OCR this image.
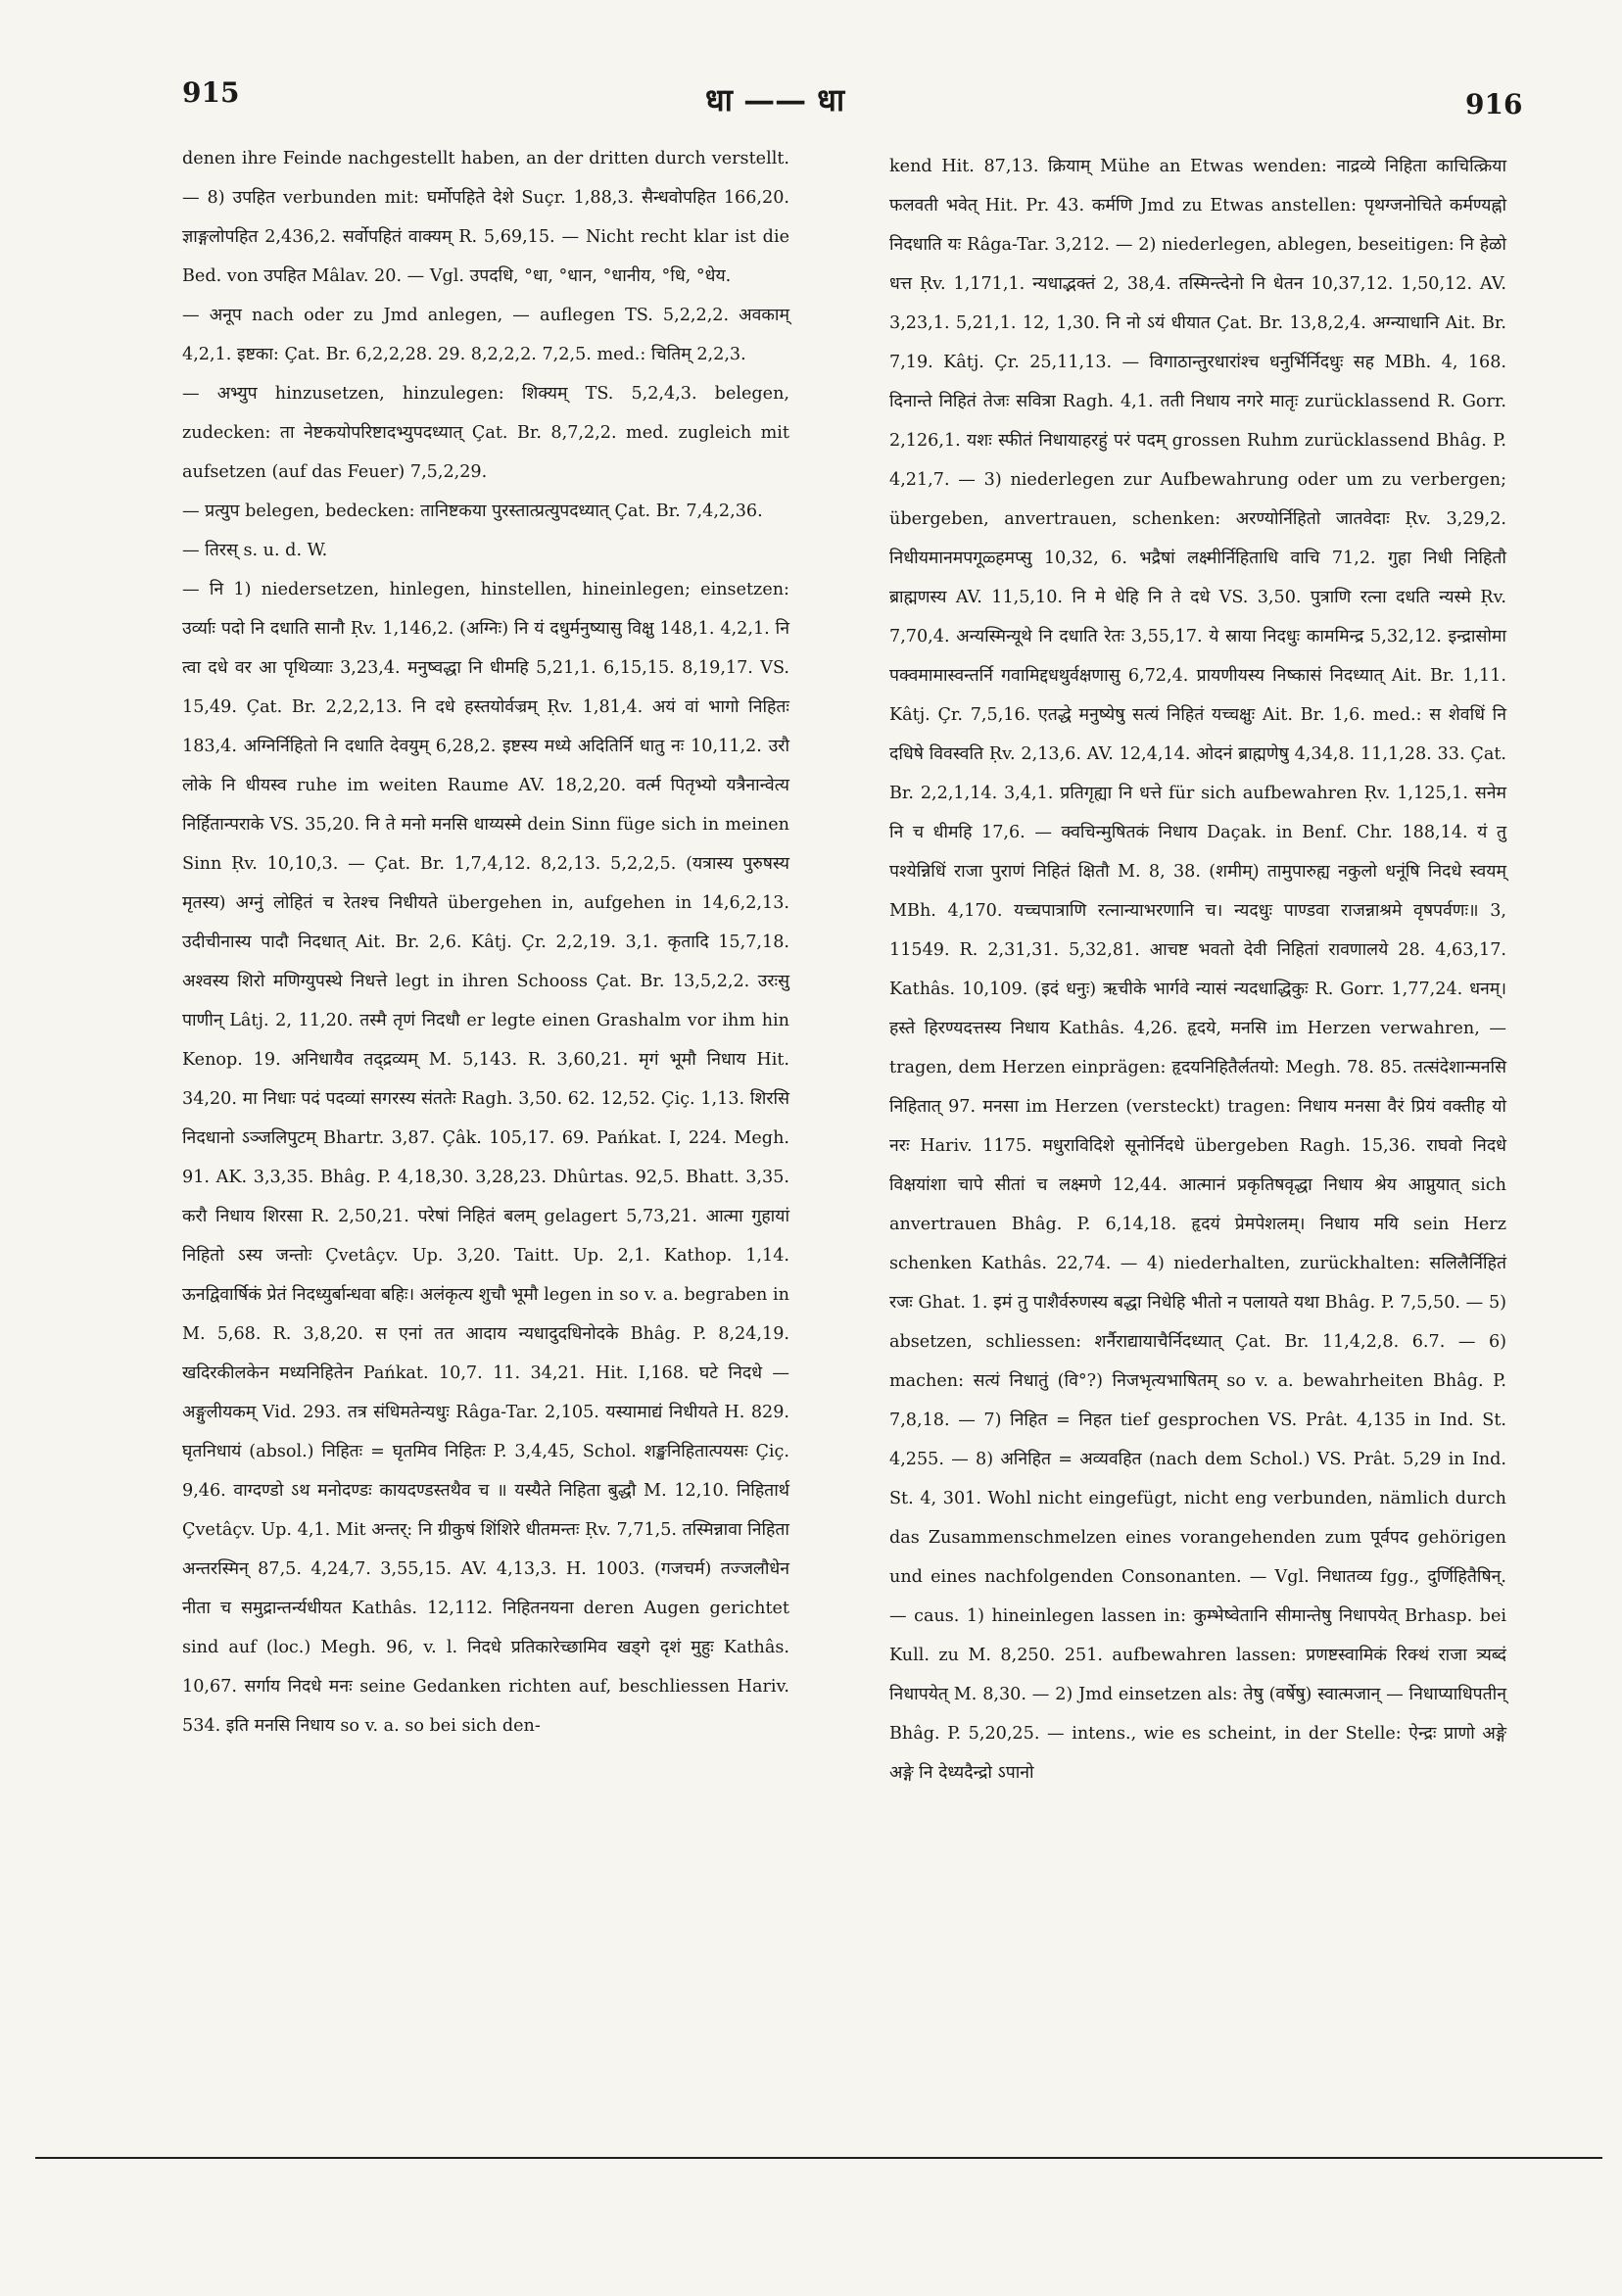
915	धा —— धा	916

denen ihre Feinde nachgestellt haben, an der dritten durch verstellt. — 8) उपहित verbunden mit: घर्मोपहिते देशे Suçr. 1,88,3. सैन्धवोपहित 166,20. ज्ञाङ्गलोपहित 2,436,2. सर्वोपहितं वाक्यम् R. 5,69,15. — Nicht recht klar ist die Bed. von उपहित Mâlav. 20. — Vgl. उपदधि, °धा, °धान, °धानीय, °धि, °धेय.

— अनूप nach oder zu Jmd anlegen, — auflegen TS. 5,2,2,2. अवकाम् 4,2,1. इष्टका: Çat. Br. 6,2,2,28. 29. 8,2,2,2. 7,2,5. med.: चितिम् 2,2,3.

— अभ्युप hinzusetzen, hinzulegen: शिक्यम् TS. 5,2,4,3. belegen, zudecken: ता नेष्टकयोपरिष्टादभ्युपदध्यात् Çat. Br. 8,7,2,2. med. zugleich mit aufsetzen (auf das Feuer) 7,5,2,29.

— प्रत्युप belegen, bedecken: तानिष्टकया पुरस्तात्प्रत्युपदध्यात् Çat. Br. 7,4,2,36.

— तिरस् s. u. d. W.

— नि 1) niedersetzen, hinlegen, hinstellen, hineinlegen; einsetzen: उर्व्याः पदो नि दधाति सानौ Ṛv. 1,146,2. (अग्निः) नि यं दधुर्मनुष्यासु विक्षु 148,1. 4,2,1. नि त्वा दधे वर आ पृथिव्याः 3,23,4. मनुष्वद्धा नि धीमहि 5,21,1. 6,15,15. 8,19,17. VS. 15,49. Çat. Br. 2,2,2,13. नि दधे हस्तयोर्वज्रम् Ṛv. 1,81,4. अयं वां भागो निहितः 183,4. अग्निर्निहितो नि दधाति देवयुम् 6,28,2. इष्टस्य मध्ये अदितिर्नि धातु नः 10,11,2. उरौ लोके नि धीयस्व ruhe im weiten Raume AV. 18,2,20. वर्त्म पितृभ्यो यत्रैनान्वेत्य निर्हितान्पराके VS. 35,20. नि ते मनो मनसि धाय्यस्मे dein Sinn füge sich in meinen Sinn Ṛv. 10,10,3. — Çat. Br. 1,7,4,12. 8,2,13. 5,2,2,5. (यत्रास्य पुरुषस्य मृतस्य) अग्नुं लोहितं च रेतश्च निधीयते übergehen in, aufgehen in 14,6,2,13. उदीचीनास्य पादौ निदधात् Ait. Br. 2,6. Kâtj. Çr. 2,2,19. 3,1. कृतादि 15,7,18. अश्वस्य शिरो मणिग्युपस्थे निधत्ते legt in ihren Schooss Çat. Br. 13,5,2,2. उरःसु पाणीन् Lâtj. 2, 11,20. तस्मै तृणं निदधौ er legte einen Grashalm vor ihm hin Kenop. 19. अनिधायैव तद्द्रव्यम् M. 5,143. R. 3,60,21. मृगं भूमौ निधाय Hit. 34,20. मा निधाः पदं पदव्यां सगरस्य संततेः Ragh. 3,50. 62. 12,52. Çiç. 1,13. शिरसि निदधानो ऽञ्जलिपुटम् Bhartr. 3,87. Çâk. 105,17. 69. Pańkat. I, 224. Megh. 91. AK. 3,3,35. Bhâg. P. 4,18,30. 3,28,23. Dhûrtas. 92,5. Bhatt. 3,35. करौ निधाय शिरसा R. 2,50,21. परेषां निहितं बलम् gelagert 5,73,21. आत्मा गुहायां निहितो ऽस्य जन्तोः Çvetâçv. Up. 3,20. Taitt. Up. 2,1. Kathop. 1,14. ऊनद्विवार्षिकं प्रेतं निदध्युर्बान्धवा बहिः। अलंकृत्य शुचौ भूमौ legen in so v. a. begraben in M. 5,68. R. 3,8,20. स एनां तत आदाय न्यधादुदधिनोदके Bhâg. P. 8,24,19. खदिरकीलकेन मध्यनिहितेन Pańkat. 10,7. 11. 34,21. Hit. I,168. घटे निदधे — अङ्गुलीयकम् Vid. 293. तत्र संधिमतेन्यधुः Râga-Tar. 2,105. यस्यामाद्यं निधीयते H. 829. घृतनिधायं (absol.) निहितः = घृतमिव निहितः P. 3,4,45, Schol. शङ्खनिहितात्पयसः Çiç. 9,46. वाग्दण्डो ऽथ मनोदण्डः कायदण्डस्तथैव च ॥ यस्यैते निहिता बुद्धौ M. 12,10. निहितार्थ Çvetâçv. Up. 4,1. Mit अन्तर्: नि ग्रीकुषं शिंशिरे धीतमन्तः Ṛv. 7,71,5. तस्मिन्नावा निहिता अन्तरस्मिन् 87,5. 4,24,7. 3,55,15. AV. 4,13,3. H. 1003. (गजचर्म) तज्जलौधेन नीता च समुद्रान्तर्न्यधीयत Kathâs. 12,112. निहितनयना deren Augen gerichtet sind auf (loc.) Megh. 96, v. l. निदधे प्रतिकारेच्छामिव खड्गे दृशं मुहुः Kathâs. 10,67. सर्गाय निदधे मनः seine Gedanken richten auf, beschliessen Hariv. 534. इति मनसि निधाय so v. a. so bei sich den-

kend Hit. 87,13. क्रियाम् Mühe an Etwas wenden: नाद्रव्ये निहिता काचित्क्रिया फलवती भवेत् Hit. Pr. 43. कर्मणि Jmd zu Etwas anstellen: पृथग्जनोचिते कर्मण्यह्नो निदधाति यः Râga-Tar. 3,212. — 2) niederlegen, ablegen, beseitigen: नि हेळो धत्त Ṛv. 1,171,1. न्यधाद्भक्तं 2, 38,4. तस्मिन्त्देनो नि धेतन 10,37,12. 1,50,12. AV. 3,23,1. 5,21,1. 12, 1,30. नि नो ऽयं धीयात Çat. Br. 13,8,2,4. अग्न्याधानि Ait. Br. 7,19. Kâtj. Çr. 25,11,13. — विगाठान्तुरधारांश्च धनुर्भिर्निदधुः सह MBh. 4, 168. दिनान्ते निहितं तेजः सवित्रा Ragh. 4,1. तती निधाय नगरे मातृः zurücklassend R. Gorr. 2,126,1. यशः स्फीतं निधायाहरहुं परं पदम् grossen Ruhm zurücklassend Bhâg. P. 4,21,7. — 3) niederlegen zur Aufbewahrung oder um zu verbergen; übergeben, anvertrauen, schenken: अरण्योर्निहितो जातवेदाः Ṛv. 3,29,2. निधीयमानमपगूळ्हमप्सु 10,32, 6. भद्रैषां लक्ष्मीर्निहिताधि वाचि 71,2. गुहा निधी निहितौ ब्राह्मणस्य AV. 11,5,10. नि मे धेहि नि ते दधे VS. 3,50. पुत्राणि रत्ना दधति न्यस्मे Ṛv. 7,70,4. अन्यस्मिन्यूथे नि दधाति रेतः 3,55,17. ये स्राया निदधुः काममिन्द्र 5,32,12. इन्द्रासोमा पक्वमामास्वन्तर्नि गवामिद्दधथुर्वक्षणासु 6,72,4. प्रायणीयस्य निष्कासं निदध्यात् Ait. Br. 1,11. Kâtj. Çr. 7,5,16. एतद्धे मनुष्येषु सत्यं निहितं यच्चक्षुः Ait. Br. 1,6. med.: स शेवधिं नि दधिषे विवस्वति Ṛv. 2,13,6. AV. 12,4,14. ओदनं ब्राह्मणेषु 4,34,8. 11,1,28. 33. Çat. Br. 2,2,1,14. 3,4,1. प्रतिगृह्या नि धत्ते für sich aufbewahren Ṛv. 1,125,1. सनेम नि च धीमहि 17,6. — क्वचिन्मुषितकं निधाय Daçak. in Benf. Chr. 188,14. यं तु पश्येन्निधिं राजा पुराणं निहितं क्षितौ M. 8, 38. (शमीम्) तामुपारुह्य नकुलो धनूंषि निदधे स्वयम् MBh. 4,170. यच्चपात्राणि रत्नान्याभरणानि च। न्यदधुः पाण्डवा राजन्नाश्रमे वृषपर्वणः॥ 3, 11549. R. 2,31,31. 5,32,81. आचष्ट भवतो देवी निहितां रावणालये 28. 4,63,17. Kathâs. 10,109. (इदं धनुः) ऋचीके भार्गवे न्यासं न्यदधाद्धिकुः R. Gorr. 1,77,24. धनम्। हस्ते हिरण्यदत्तस्य निधाय Kathâs. 4,26. हृदये, मनसि im Herzen verwahren, — tragen, dem Herzen einprägen: हृदयनिहितैर्लतयो: Megh. 78. 85. तत्संदेशान्मनसि निहितात् 97. मनसा im Herzen (versteckt) tragen: निधाय मनसा वैरं प्रियं वक्तीह यो नरः Hariv. 1175. मधुराविदिशे सूनोर्निदधे übergeben Ragh. 15,36. राघवो निदधे विक्षयांशा चापे सीतां च लक्ष्मणे 12,44. आत्मानं प्रकृतिषवृद्धा निधाय श्रेय आप्नुयात् sich anvertrauen Bhâg. P. 6,14,18. हृदयं प्रेमपेशलम्। निधाय मयि sein Herz schenken Kathâs. 22,74. — 4) niederhalten, zurückhalten: सलिलैर्निहितं रजः Ghat. 1. इमं तु पाशैर्वरुणस्य बद्धा निधेहि भीतो न पलायते यथा Bhâg. P. 7,5,50. — 5) absetzen, schliessen: शर्नैराद्यायाचैर्निदध्यात् Çat. Br. 11,4,2,8. 6.7. — 6) machen: सत्यं निधातुं (वि°?) निजभृत्यभाषितम् so v. a. bewahrheiten Bhâg. P. 7,8,18. — 7) निहित = निहत tief gesprochen VS. Prât. 4,135 in Ind. St. 4,255. — 8) अनिहित = अव्यवहित (nach dem Schol.) VS. Prât. 5,29 in Ind. St. 4, 301. Wohl nicht eingefügt, nicht eng verbunden, nämlich durch das Zusammenschmelzen eines vorangehenden zum पूर्वपद gehörigen und eines nachfolgenden Consonanten. — Vgl. निधातव्य fgg., दुर्णिहितैषिन्. — caus. 1) hineinlegen lassen in: कुम्भेष्वेतानि सीमान्तेषु निधापयेत् Brhasp. bei Kull. zu M. 8,250. 251. aufbewahren lassen: प्रणष्टस्वामिकं रिक्थं राजा त्र्यब्दं निधापयेत् M. 8,30. — 2) Jmd einsetzen als: तेषु (वर्षेषु) स्वात्मजान् — निधाप्याधिपतीन् Bhâg. P. 5,20,25. — intens., wie es scheint, in der Stelle: ऐन्द्रः प्राणो अङ्गे अङ्गे नि देध्यदैन्द्रो ऽपानो
